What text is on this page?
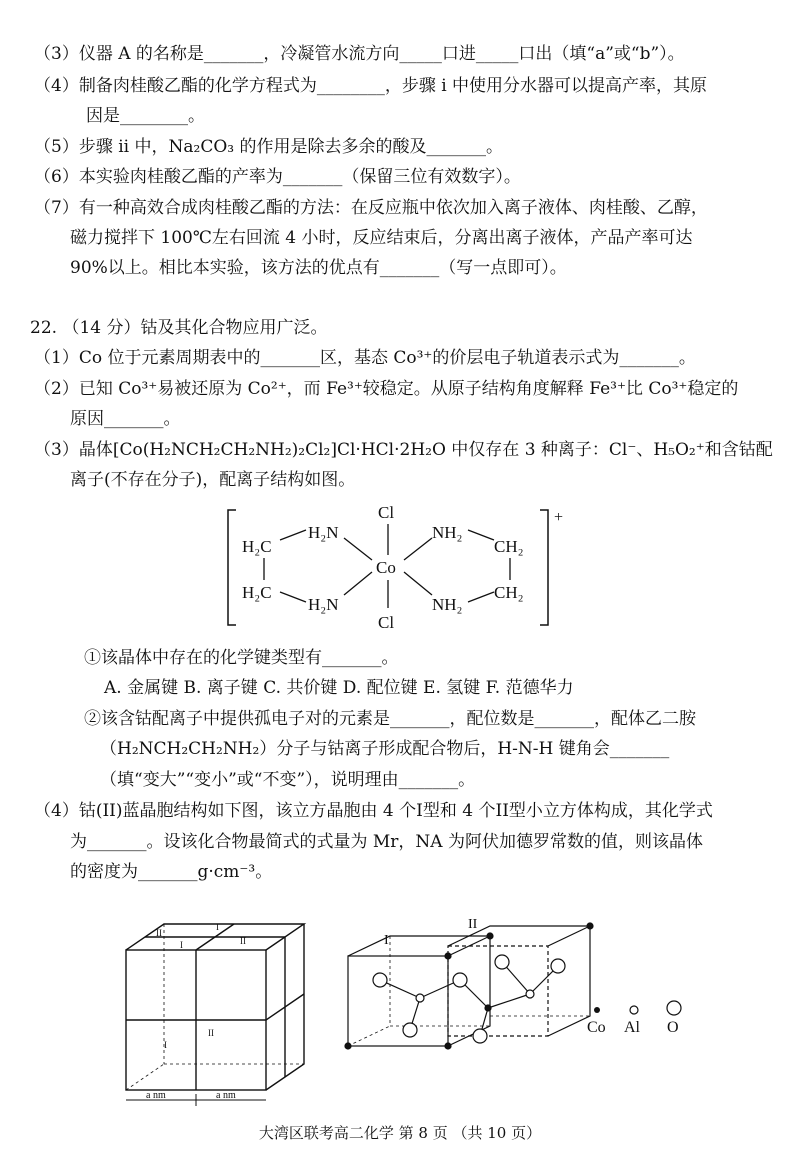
（3）仪器 A 的名称是_______，冷凝管水流方向_____口进_____口出（填“a”或“b”）。
（4）制备肉桂酸乙酯的化学方程式为________，步骤 i 中使用分水器可以提高产率，其原
因是________。
（5）步骤 ii 中，Na₂CO₃ 的作用是除去多余的酸及_______。
（6）本实验肉桂酸乙酯的产率为_______（保留三位有效数字）。
（7）有一种高效合成肉桂酸乙酯的方法：在反应瓶中依次加入离子液体、肉桂酸、乙醇，
磁力搅拌下 100℃左右回流 4 小时，反应结束后，分离出离子液体，产品产率可达
90%以上。相比本实验，该方法的优点有_______（写一点即可）。
22. （14 分）钴及其化合物应用广泛。
（1）Co 位于元素周期表中的_______区，基态 Co³⁺的价层电子轨道表示式为_______。
（2）已知 Co³⁺易被还原为 Co²⁺，而 Fe³⁺较稳定。从原子结构角度解释 Fe³⁺比 Co³⁺稳定的
原因_______。
（3）晶体[Co(H₂NCH₂CH₂NH₂)₂Cl₂]Cl·HCl·2H₂O 中仅存在 3 种离子：Cl⁻、H₅O₂⁺和含钴配
离子(不存在分子)，配离子结构如图。
+
Cl
Cl
Co
H₂N
H₂N
H₂C
H₂C
NH₂
NH₂
CH₂
CH₂
①该晶体中存在的化学键类型有_______。
A. 金属键 B. 离子键 C. 共价键 D. 配位键 E. 氢键 F. 范德华力
②该含钴配离子中提供孤电子对的元素是_______，配位数是_______，配体乙二胺
（H₂NCH₂CH₂NH₂）分子与钴离子形成配合物后，H-N-H 键角会_______
（填“变大”“变小”或“不变”），说明理由_______。
（4）钴(II)蓝晶胞结构如下图，该立方晶胞由 4 个I型和 4 个II型小立方体构成，其化学式
为_______。设该化合物最简式的式量为 Mr，NA 为阿伏加德罗常数的值，则该晶体
的密度为_______g·cm⁻³。
II
I
I	II
I
II
a nm	a nm
I
II
Co Al O
大湾区联考高二化学 第 8 页 （共 10 页）
